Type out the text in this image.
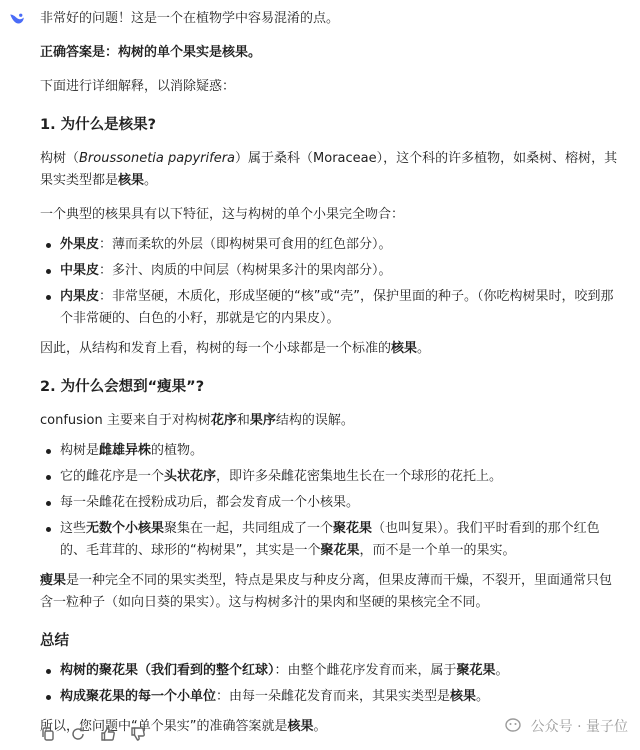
非常好的问题！这是一个在植物学中容易混淆的点。

正确答案是：构树的单个果实是核果。

下面进行详细解释，以消除疑惑：

1. 为什么是核果?

构树（Broussonetia papyrifera）属于桑科（Moraceae），这个科的许多植物，如桑树、榕树，其果实类型都是核果。

一个典型的核果具有以下特征，这与构树的单个小果完全吻合：

外果皮：薄而柔软的外层（即构树果可食用的红色部分）。
中果皮：多汁、肉质的中间层（构树果多汁的果肉部分）。
内果皮：非常坚硬，木质化，形成坚硬的“核”或“壳”，保护里面的种子。（你吃构树果时，咬到那个非常硬的、白色的小籽，那就是它的内果皮）。

因此，从结构和发育上看，构树的每一个小球都是一个标准的核果。

2. 为什么会想到“瘦果”?

confusion 主要来自于对构树花序和果序结构的误解。

构树是雌雄异株的植物。
它的雌花序是一个头状花序，即许多朵雌花密集地生长在一个球形的花托上。
每一朵雌花在授粉成功后，都会发育成一个小核果。
这些无数个小核果聚集在一起，共同组成了一个聚花果（也叫复果）。我们平时看到的那个红色的、毛茸茸的、球形的“构树果”，其实是一个聚花果，而不是一个单一的果实。

瘦果是一种完全不同的果实类型，特点是果皮与种皮分离，但果皮薄而干燥，不裂开，里面通常只包含一粒种子（如向日葵的果实）。这与构树多汁的果肉和坚硬的果核完全不同。

总结
构树的聚花果（我们看到的整个红球）：由整个雌花序发育而来，属于聚花果。
构成聚花果的每一个小单位：由每一朵雌花发育而来，其果实类型是核果。

所以，您问题中“单个果实”的准确答案就是核果。	公众号 · 量子位
